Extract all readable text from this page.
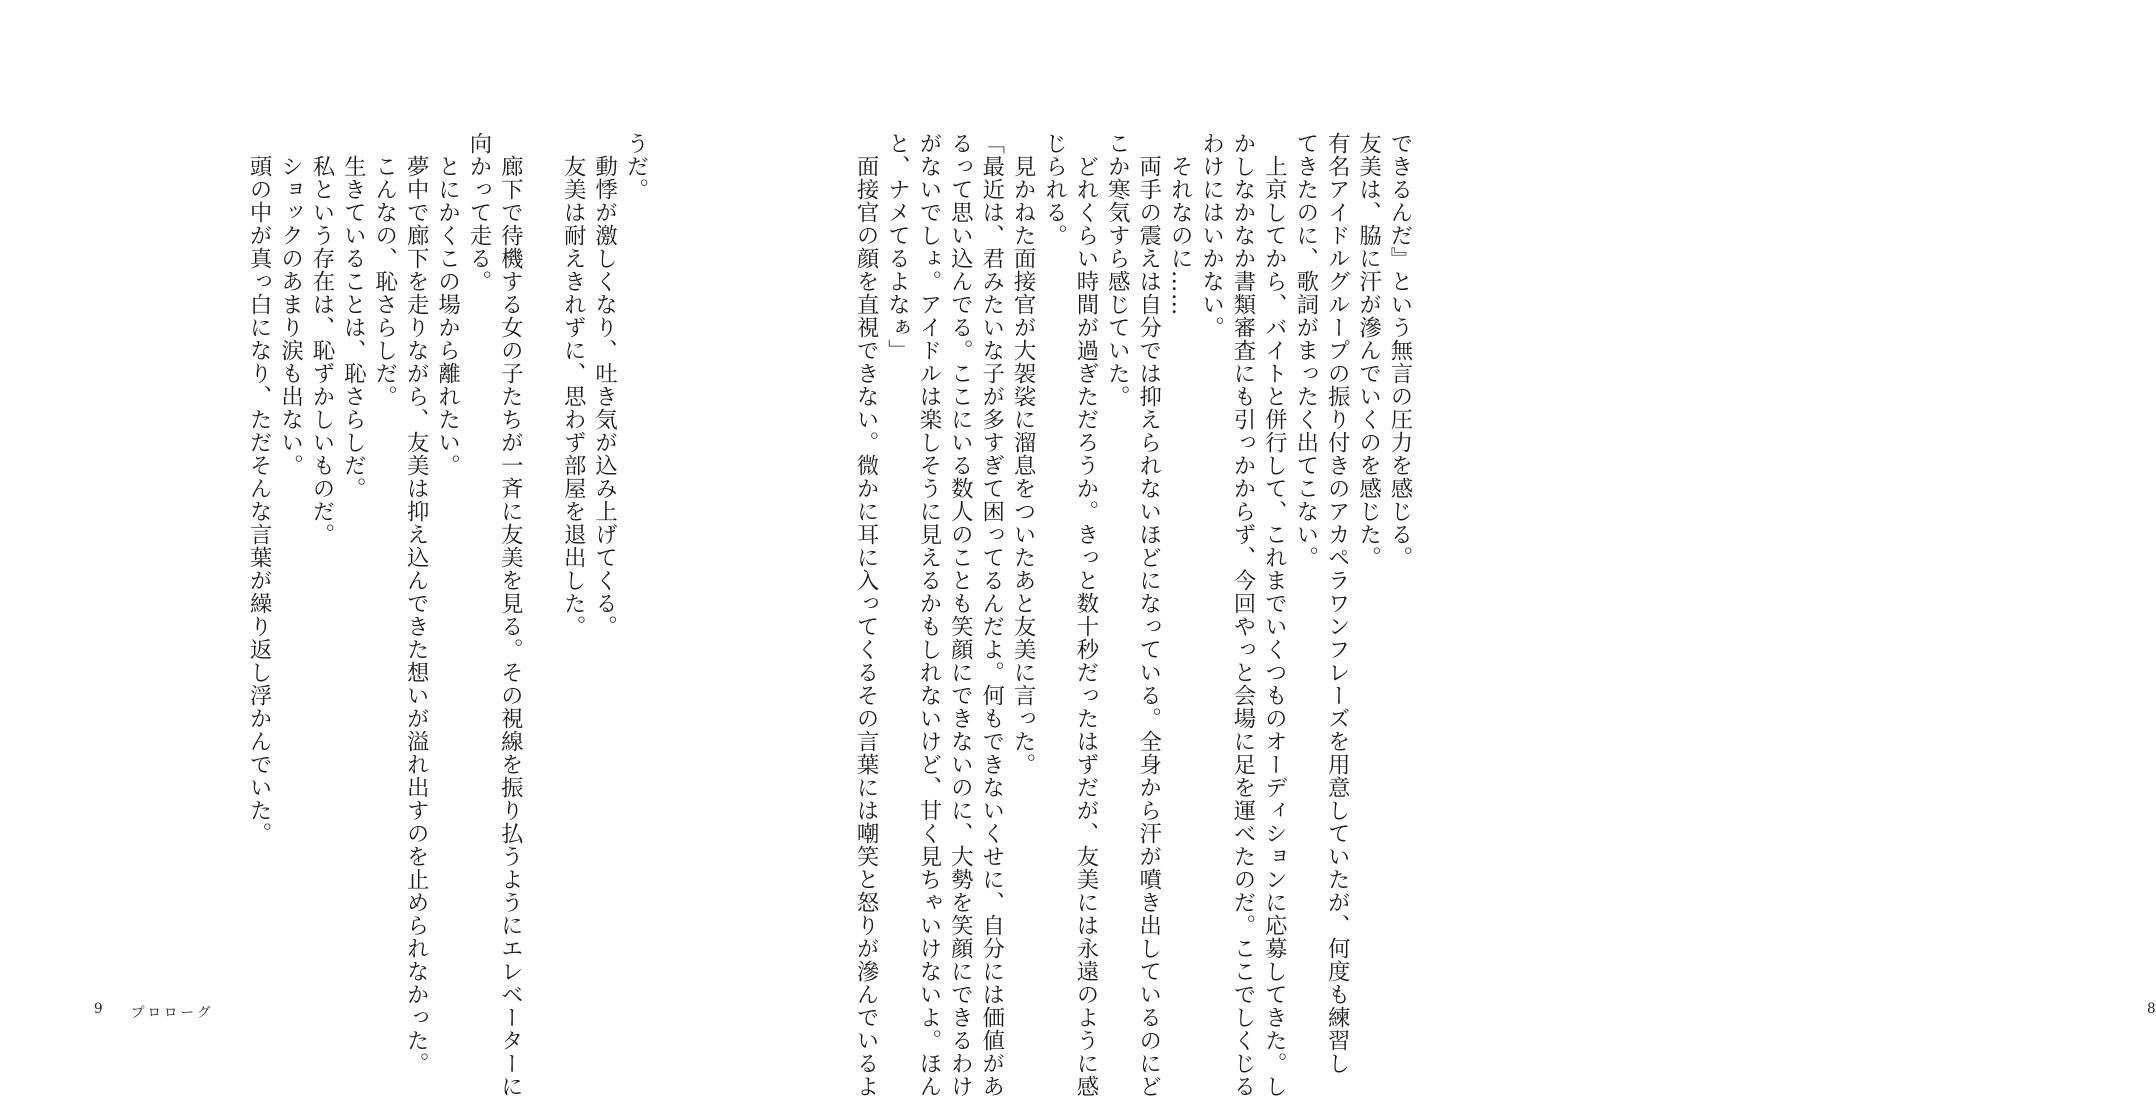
うだ。

　動悸が激しくなり、吐き気が込み上げてくる。

　友美は耐えきれずに、思わず部屋を退出した。

　廊下で待機する女の子たちが一斉に友美を見る。その視線を振り払うようにエレベーターに

向かって走る。

　とにかくこの場から離れたい。

　夢中で廊下を走りながら、友美は抑え込んできた想いが溢れ出すのを止められなかった。

　こんなの、恥さらしだ。

　生きていることは、恥さらしだ。

　私という存在は、恥ずかしいものだ。

　ショックのあまり涙も出ない。

　頭の中が真っ白になり、ただそんな言葉が繰り返し浮かんでいた。

9 プロローグ

できるんだ』という無言の圧力を感じる。

友美は、脇に汗が滲んでいくのを感じた。

有名アイドルグループの振り付きのアカペラワンフレーズを用意していたが、何度も練習し

てきたのに、歌詞がまったく出てこない。

　上京してから、バイトと併行して、これまでいくつものオーディションに応募してきた。し

かしなかなか書類審査にも引っかからず、今回やっと会場に足を運べたのだ。ここでしくじる

わけにはいかない。

　それなのに……

　両手の震えは自分では抑えられないほどになっている。全身から汗が噴き出しているのにど

こか寒気すら感じていた。

　どれくらい時間が過ぎただろうか。きっと数十秒だったはずだが、友美には永遠のように感

じられる。

　見かねた面接官が大袈裟に溜息をついたあと友美に言った。

「最近は、君みたいな子が多すぎて困ってるんだよ。何もできないくせに、自分には価値があ

るって思い込んでる。ここにいる数人のことも笑顔にできないのに、大勢を笑顔にできるわけ

がないでしょ。アイドルは楽しそうに見えるかもしれないけど、甘く見ちゃいけないよ。ほん

と、ナメてるよなぁ」

　面接官の顔を直視できない。微かに耳に入ってくるその言葉には嘲笑と怒りが滲んでいるよ	8
